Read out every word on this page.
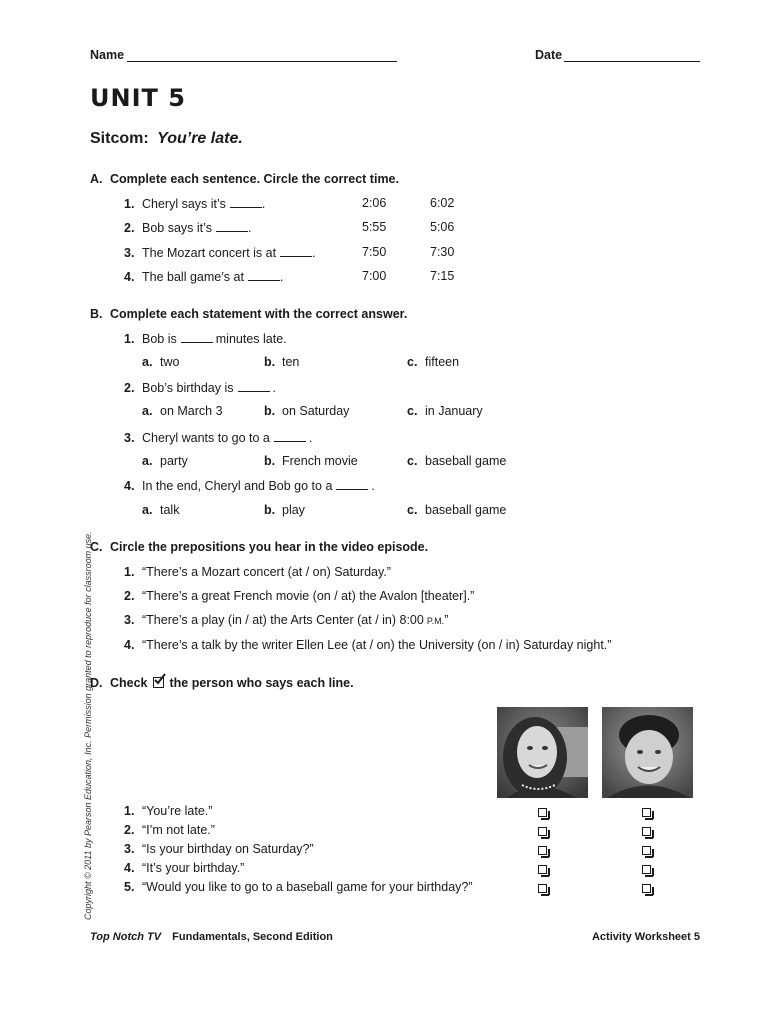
Name	Date
UNIT 5
Sitcom: You’re late.
A. Complete each sentence. Circle the correct time.
1. Cheryl says it’s	.	2:06	6:02
2. Bob says it’s	.	5:55	5:06
3. The Mozart concert is at	.	7:50	7:30
4. The ball game’s at	.	7:00	7:15
B. Complete each statement with the correct answer.
1. Bob is	minutes late.
a. two	b. ten	c. fifteen
2. Bob’s birthday is	.
a. on March 3	b. on Saturday	c. in January
3. Cheryl wants to go to a	.
a. party	b. French movie	c. baseball game
4. In the end, Cheryl and Bob go to a	.
a. talk	b. play	c. baseball game
C. Circle the prepositions you hear in the video episode.
1. “There’s a Mozart concert (at / on) Saturday.”
2. “There’s a great French movie (on / at) the Avalon [theater].”
3. “There’s a play (in / at) the Arts Center (at / in) 8:00 P.M.”
4. “There’s a talk by the writer Ellen Lee (at / on) the University (on / in) Saturday night.”
D. Check the person who says each line.
1. “You’re late.”
2. “I’m not late.”
3. “Is your birthday on Saturday?”
4. “It’s your birthday.”
5. “Would you like to go to a baseball game for your birthday?”
Top Notch TV Fundamentals, Second Edition	Activity Worksheet 5
Copyright © 2011 by Pearson Education, Inc. Permission granted to reproduce for classroom use.
